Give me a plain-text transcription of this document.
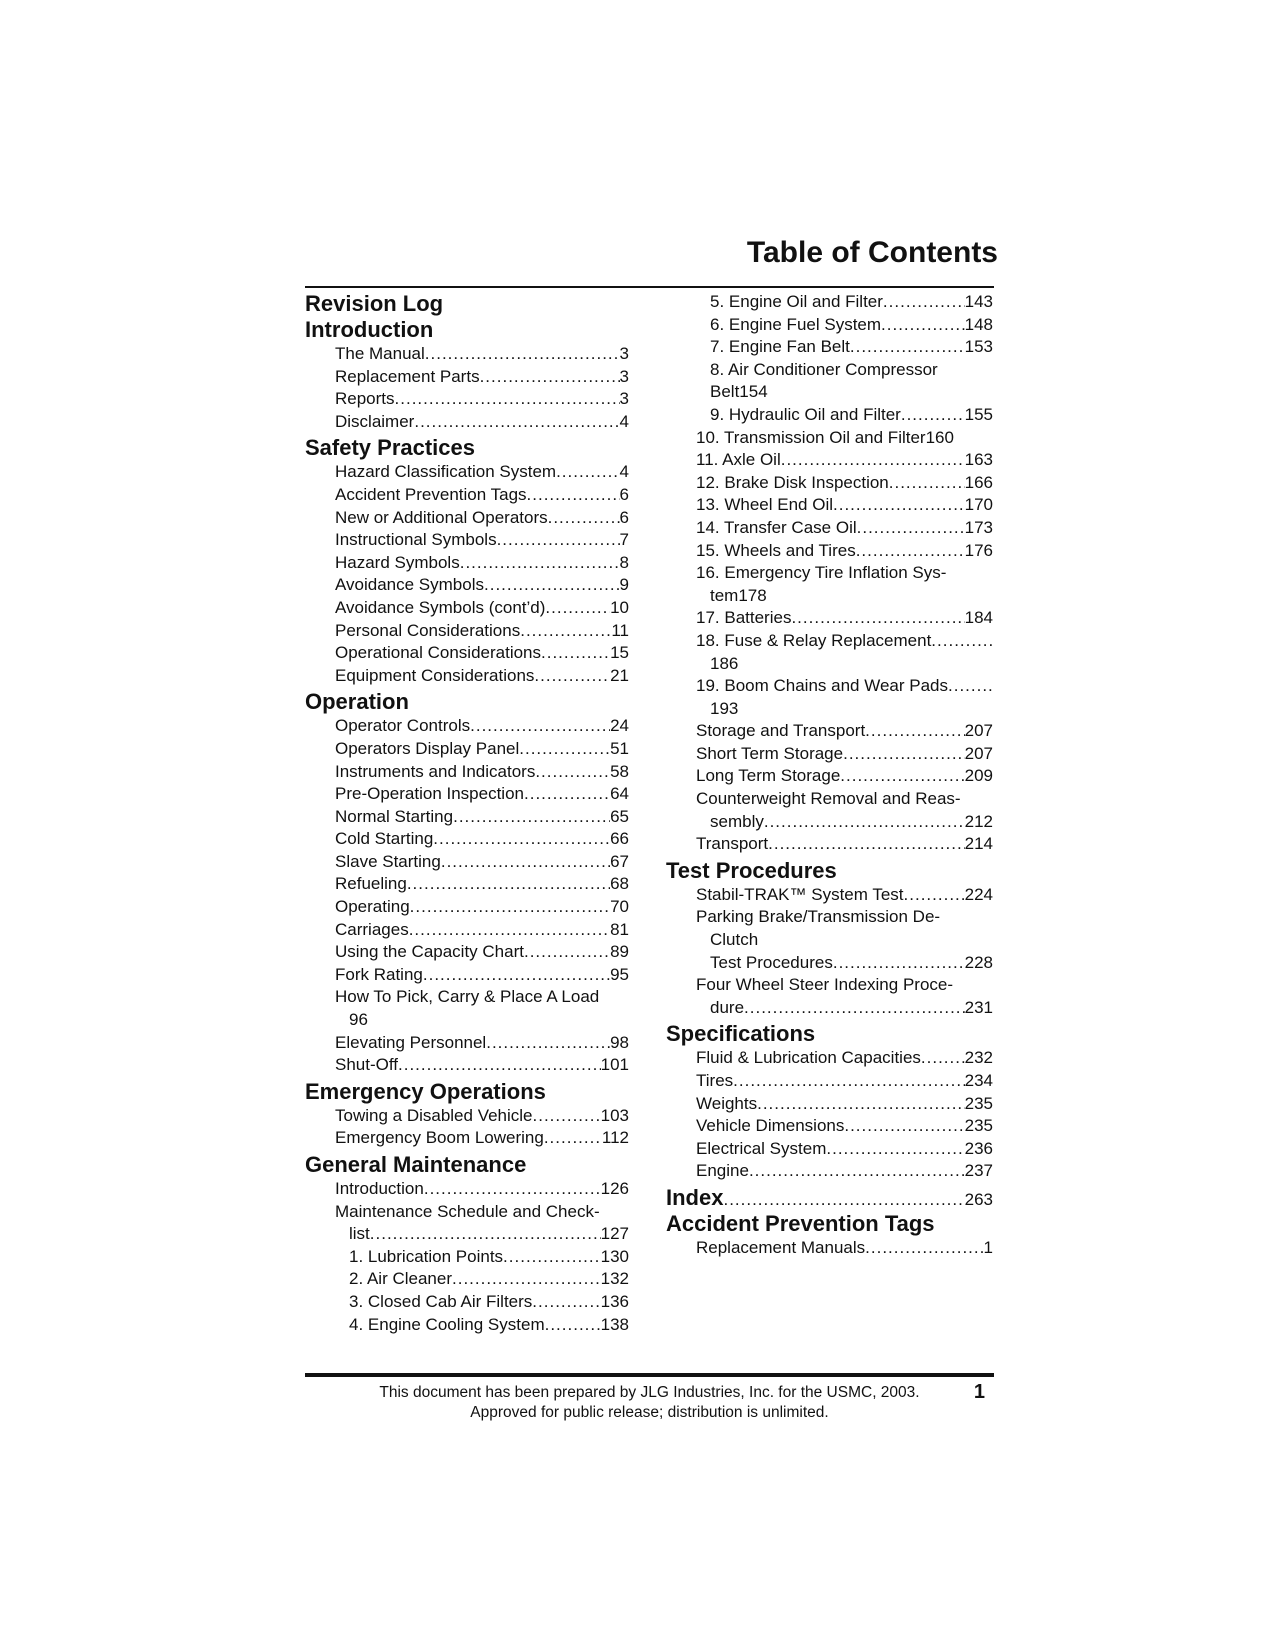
Table of Contents
Revision Log
Introduction
The Manual .....	3
Replacement Parts .....	3
Reports .....	3
Disclaimer .....	4
Safety Practices
Hazard Classification System .....	4
Accident Prevention Tags .....	6
New or Additional Operators .....	6
Instructional Symbols .....	7
Hazard Symbols .....	8
Avoidance Symbols .....	9
Avoidance Symbols (cont’d) .....	10
Personal Considerations .....	11
Operational Considerations .....	15
Equipment Considerations .....	21
Operation
Operator Controls .....	24
Operators Display Panel .....	51
Instruments and Indicators .....	58
Pre-Operation Inspection .....	64
Normal Starting .....	65
Cold Starting .....	66
Slave Starting .....	67
Refueling .....	68
Operating .....	70
Carriages .....	81
Using the Capacity Chart .....	89
Fork Rating .....	95
How To Pick, Carry & Place A Load
96
Elevating Personnel .....	98
Shut-Off .....	101
Emergency Operations
Towing a Disabled Vehicle .....	103
Emergency Boom Lowering .....	112
General Maintenance
Introduction .....	126
Maintenance Schedule and Check-
list .....	127
1. Lubrication Points .....	130
2. Air Cleaner .....	132
3. Closed Cab Air Filters .....	136
4. Engine Cooling System .....	138
5. Engine Oil and Filter .....	143
6. Engine Fuel System .....	148
7. Engine Fan Belt .....	153
8. Air Conditioner Compressor
Belt154
9. Hydraulic Oil and Filter .....	155
10. Transmission Oil and Filter160
11. Axle Oil .....	163
12. Brake Disk Inspection .....	166
13. Wheel End Oil .....	170
14. Transfer Case Oil .....	173
15. Wheels and Tires .....	176
16. Emergency Tire Inflation Sys-
tem178
17. Batteries .....	184
18. Fuse & Relay Replacement
.....
186
19. Boom Chains and Wear Pads
.....
193
Storage and Transport .....	207
Short Term Storage .....	207
Long Term Storage .....	209
Counterweight Removal and Reas-
sembly .....	212
Transport .....	214
Test Procedures
Stabil-TRAK™ System Test .....	224
Parking Brake/Transmission De-
Clutch
Test Procedures .....	228
Four Wheel Steer Indexing Proce-
dure .....	231
Specifications
Fluid & Lubrication Capacities .....	232
Tires .....	234
Weights .....	235
Vehicle Dimensions .....	235
Electrical System .....	236
Engine .....	237
Index .....	263
Accident Prevention Tags
Replacement Manuals .....	1
This document has been prepared by JLG Industries, Inc. for the USMC, 2003.
Approved for public release; distribution is unlimited.
1
